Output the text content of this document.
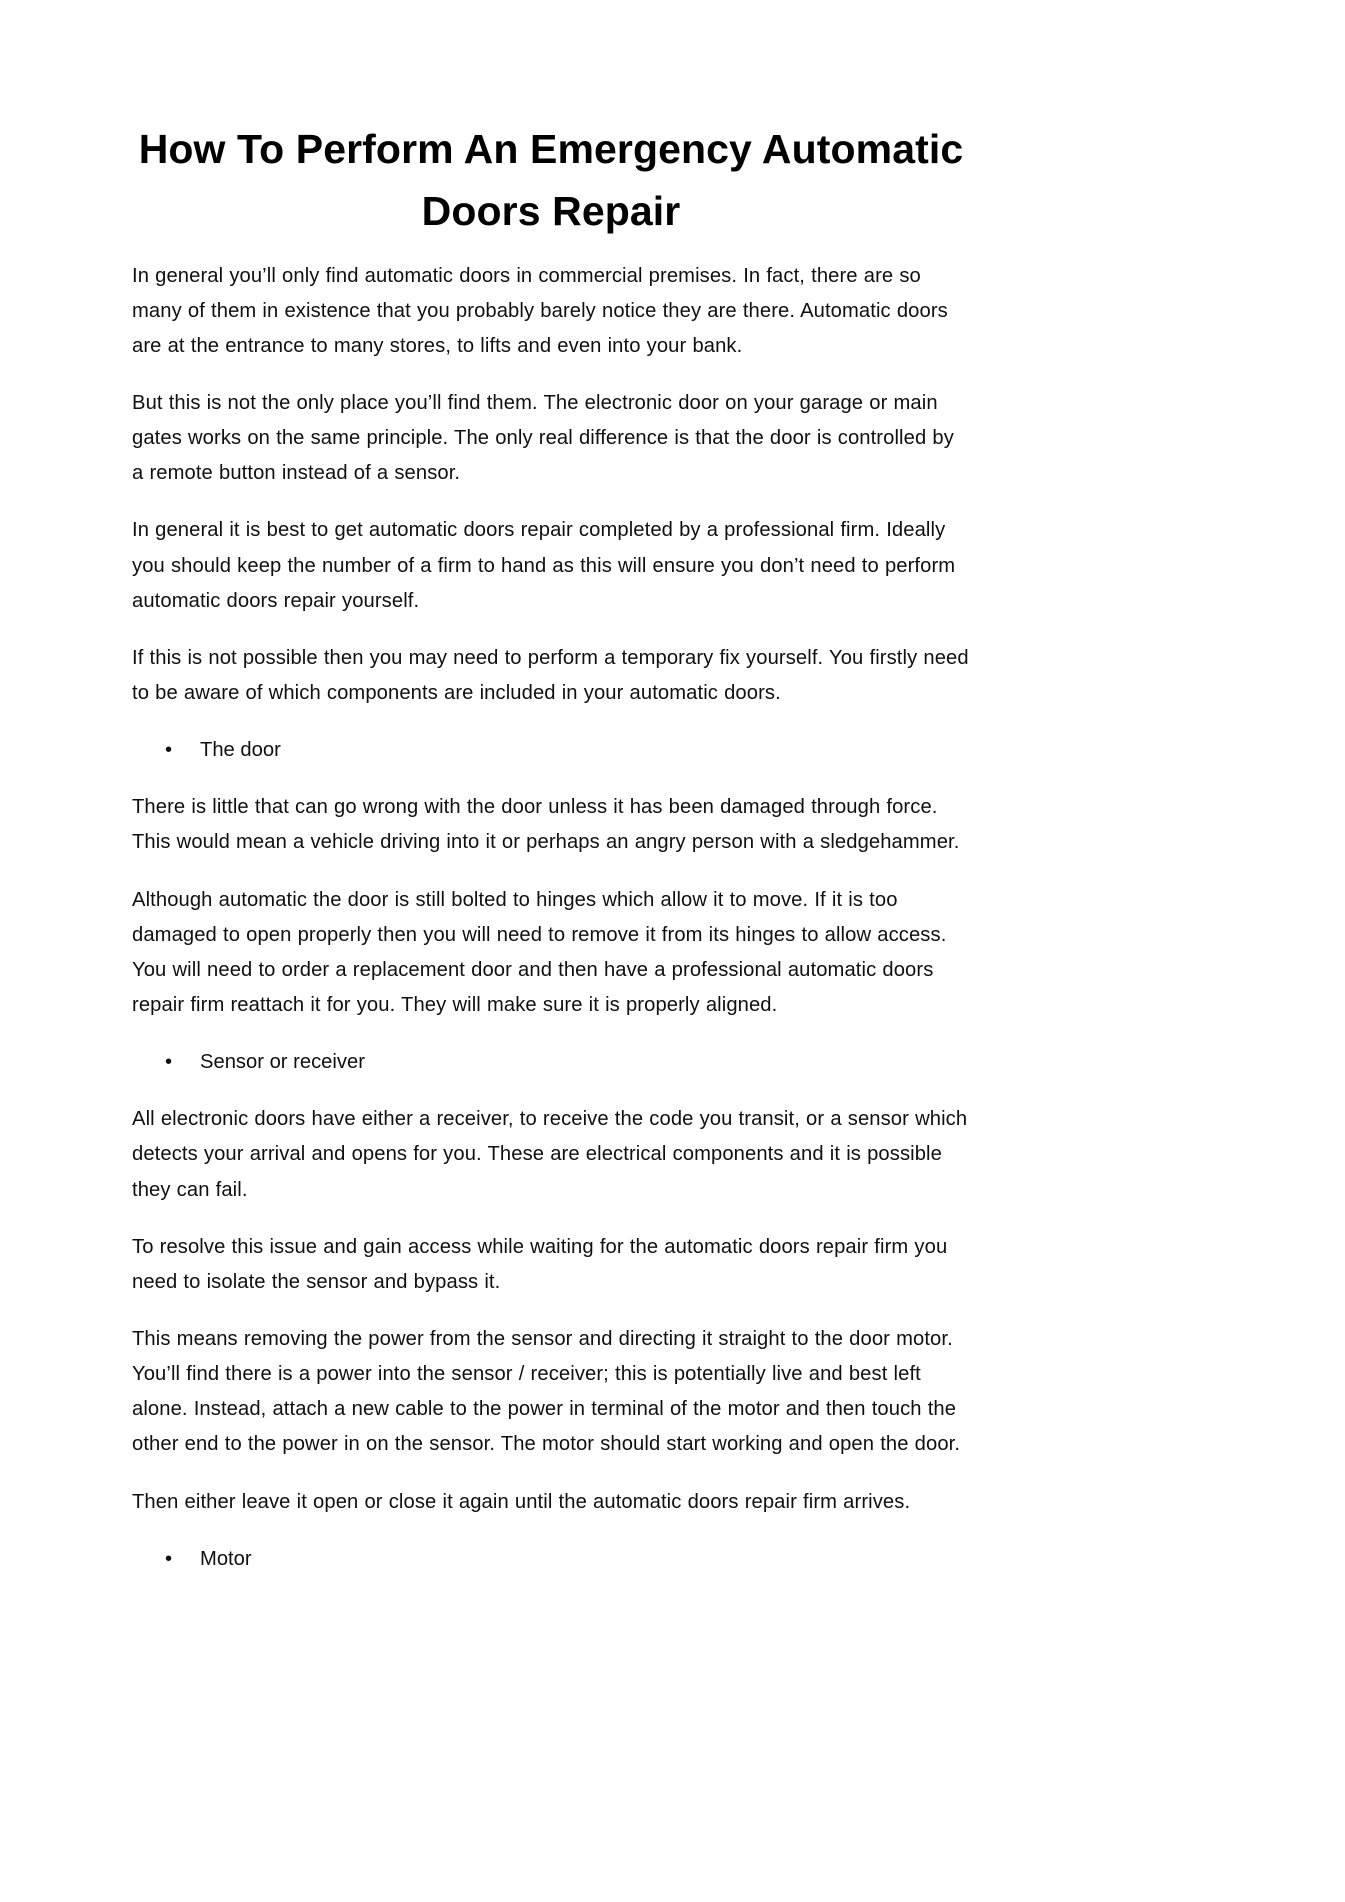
How To Perform An Emergency Automatic Doors Repair

In general you’ll only find automatic doors in commercial premises. In fact, there are so many of them in existence that you probably barely notice they are there. Automatic doors are at the entrance to many stores, to lifts and even into your bank.

But this is not the only place you’ll find them. The electronic door on your garage or main gates works on the same principle. The only real difference is that the door is controlled by a remote button instead of a sensor.

In general it is best to get automatic doors repair completed by a professional firm. Ideally you should keep the number of a firm to hand as this will ensure you don’t need to perform automatic doors repair yourself.

If this is not possible then you may need to perform a temporary fix yourself. You firstly need to be aware of which components are included in your automatic doors.

• The door

There is little that can go wrong with the door unless it has been damaged through force. This would mean a vehicle driving into it or perhaps an angry person with a sledgehammer.

Although automatic the door is still bolted to hinges which allow it to move. If it is too damaged to open properly then you will need to remove it from its hinges to allow access. You will need to order a replacement door and then have a professional automatic doors repair firm reattach it for you. They will make sure it is properly aligned.

• Sensor or receiver

All electronic doors have either a receiver, to receive the code you transit, or a sensor which detects your arrival and opens for you. These are electrical components and it is possible they can fail.

To resolve this issue and gain access while waiting for the automatic doors repair firm you need to isolate the sensor and bypass it.

This means removing the power from the sensor and directing it straight to the door motor. You’ll find there is a power into the sensor / receiver; this is potentially live and best left alone. Instead, attach a new cable to the power in terminal of the motor and then touch the other end to the power in on the sensor. The motor should start working and open the door.

Then either leave it open or close it again until the automatic doors repair firm arrives.

• Motor
